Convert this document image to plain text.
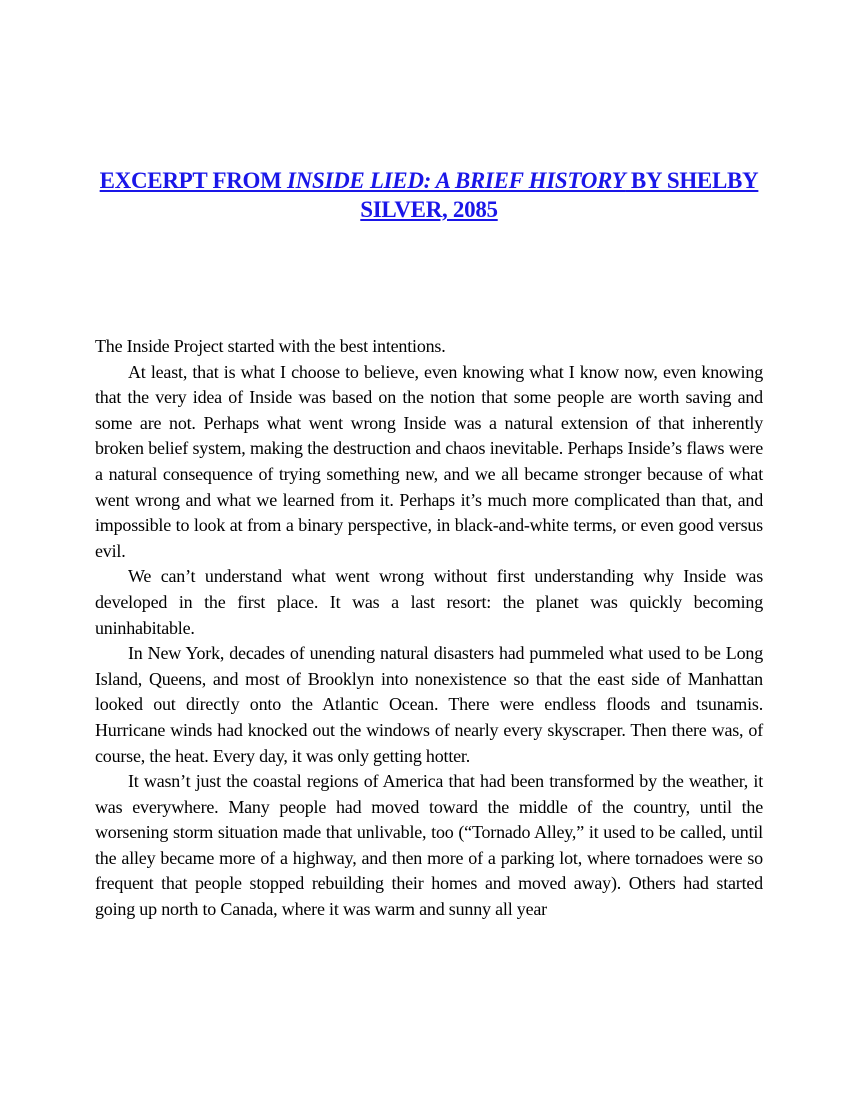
EXCERPT FROM INSIDE LIED: A BRIEF HISTORY BY SHELBY SILVER, 2085

The Inside Project started with the best intentions.

At least, that is what I choose to believe, even knowing what I know now, even knowing that the very idea of Inside was based on the notion that some people are worth saving and some are not. Perhaps what went wrong Inside was a natural extension of that inherently broken belief system, making the destruction and chaos inevitable. Perhaps Inside’s flaws were a natural consequence of trying something new, and we all became stronger because of what went wrong and what we learned from it. Perhaps it’s much more complicated than that, and impossible to look at from a binary perspective, in black-and-white terms, or even good versus evil.

We can’t understand what went wrong without first understanding why Inside was developed in the first place. It was a last resort: the planet was quickly becoming uninhabitable.

In New York, decades of unending natural disasters had pummeled what used to be Long Island, Queens, and most of Brooklyn into nonexistence so that the east side of Manhattan looked out directly onto the Atlantic Ocean. There were endless floods and tsunamis. Hurricane winds had knocked out the windows of nearly every skyscraper. Then there was, of course, the heat. Every day, it was only getting hotter.

It wasn’t just the coastal regions of America that had been transformed by the weather, it was everywhere. Many people had moved toward the middle of the country, until the worsening storm situation made that unlivable, too (“Tornado Alley,” it used to be called, until the alley became more of a highway, and then more of a parking lot, where tornadoes were so frequent that people stopped rebuilding their homes and moved away). Others had started going up north to Canada, where it was warm and sunny all year
